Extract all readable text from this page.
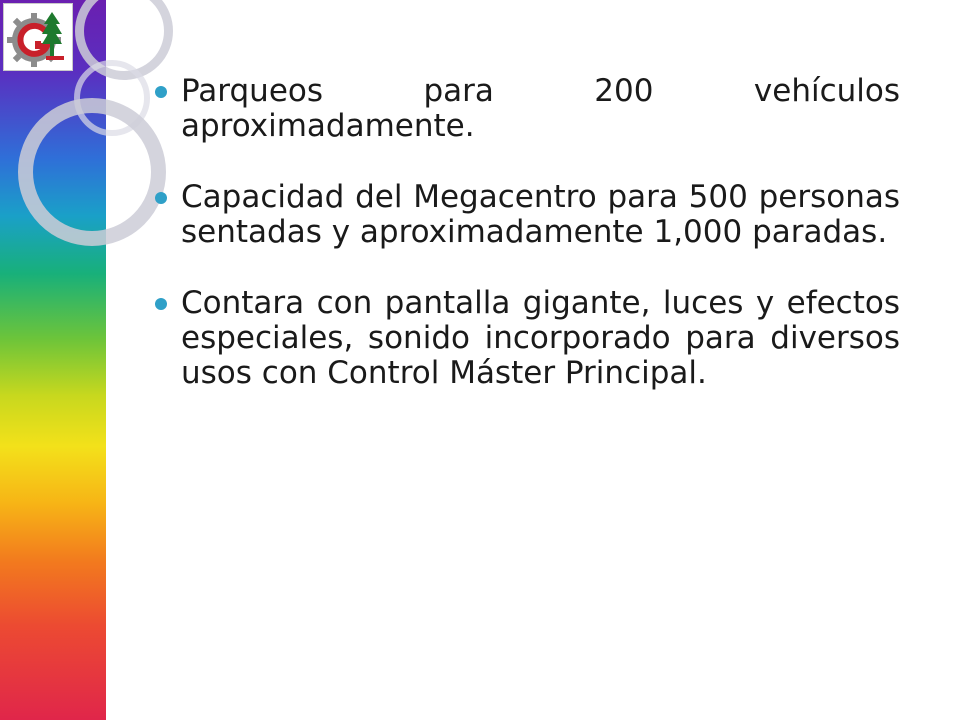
Parqueos para 200 vehículos aproximadamente.
Capacidad del Megacentro para 500 personas sentadas y aproximadamente 1,000 paradas.
Contara con pantalla gigante, luces y efectos especiales, sonido incorporado para diversos usos con Control Máster Principal.
